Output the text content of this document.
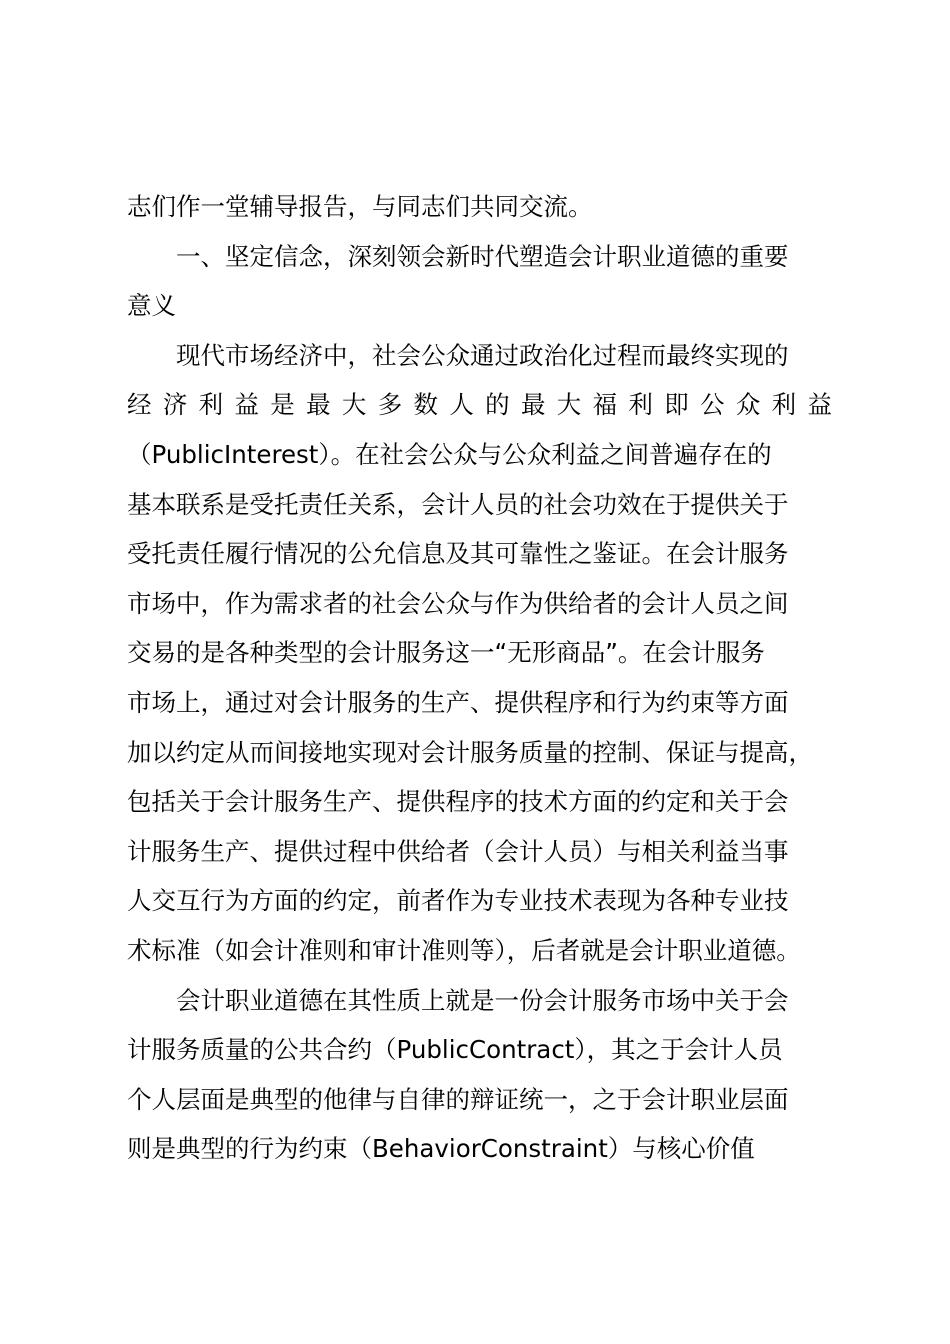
志们作一堂辅导报告，与同志们共同交流。
一、坚定信念，深刻领会新时代塑造会计职业道德的重要
意义
现代市场经济中，社会公众通过政治化过程而最终实现的
经济利益是最大多数人的最大福利即公众利益
（PublicInterest）。在社会公众与公众利益之间普遍存在的
基本联系是受托责任关系，会计人员的社会功效在于提供关于
受托责任履行情况的公允信息及其可靠性之鉴证。在会计服务
市场中，作为需求者的社会公众与作为供给者的会计人员之间
交易的是各种类型的会计服务这一“无形商品”。在会计服务
市场上，通过对会计服务的生产、提供程序和行为约束等方面
加以约定从而间接地实现对会计服务质量的控制、保证与提高，
包括关于会计服务生产、提供程序的技术方面的约定和关于会
计服务生产、提供过程中供给者（会计人员）与相关利益当事
人交互行为方面的约定，前者作为专业技术表现为各种专业技
术标准（如会计准则和审计准则等），后者就是会计职业道德。
会计职业道德在其性质上就是一份会计服务市场中关于会
计服务质量的公共合约（PublicContract），其之于会计人员
个人层面是典型的他律与自律的辩证统一，之于会计职业层面
则是典型的行为约束（BehaviorConstraint）与核心价值
